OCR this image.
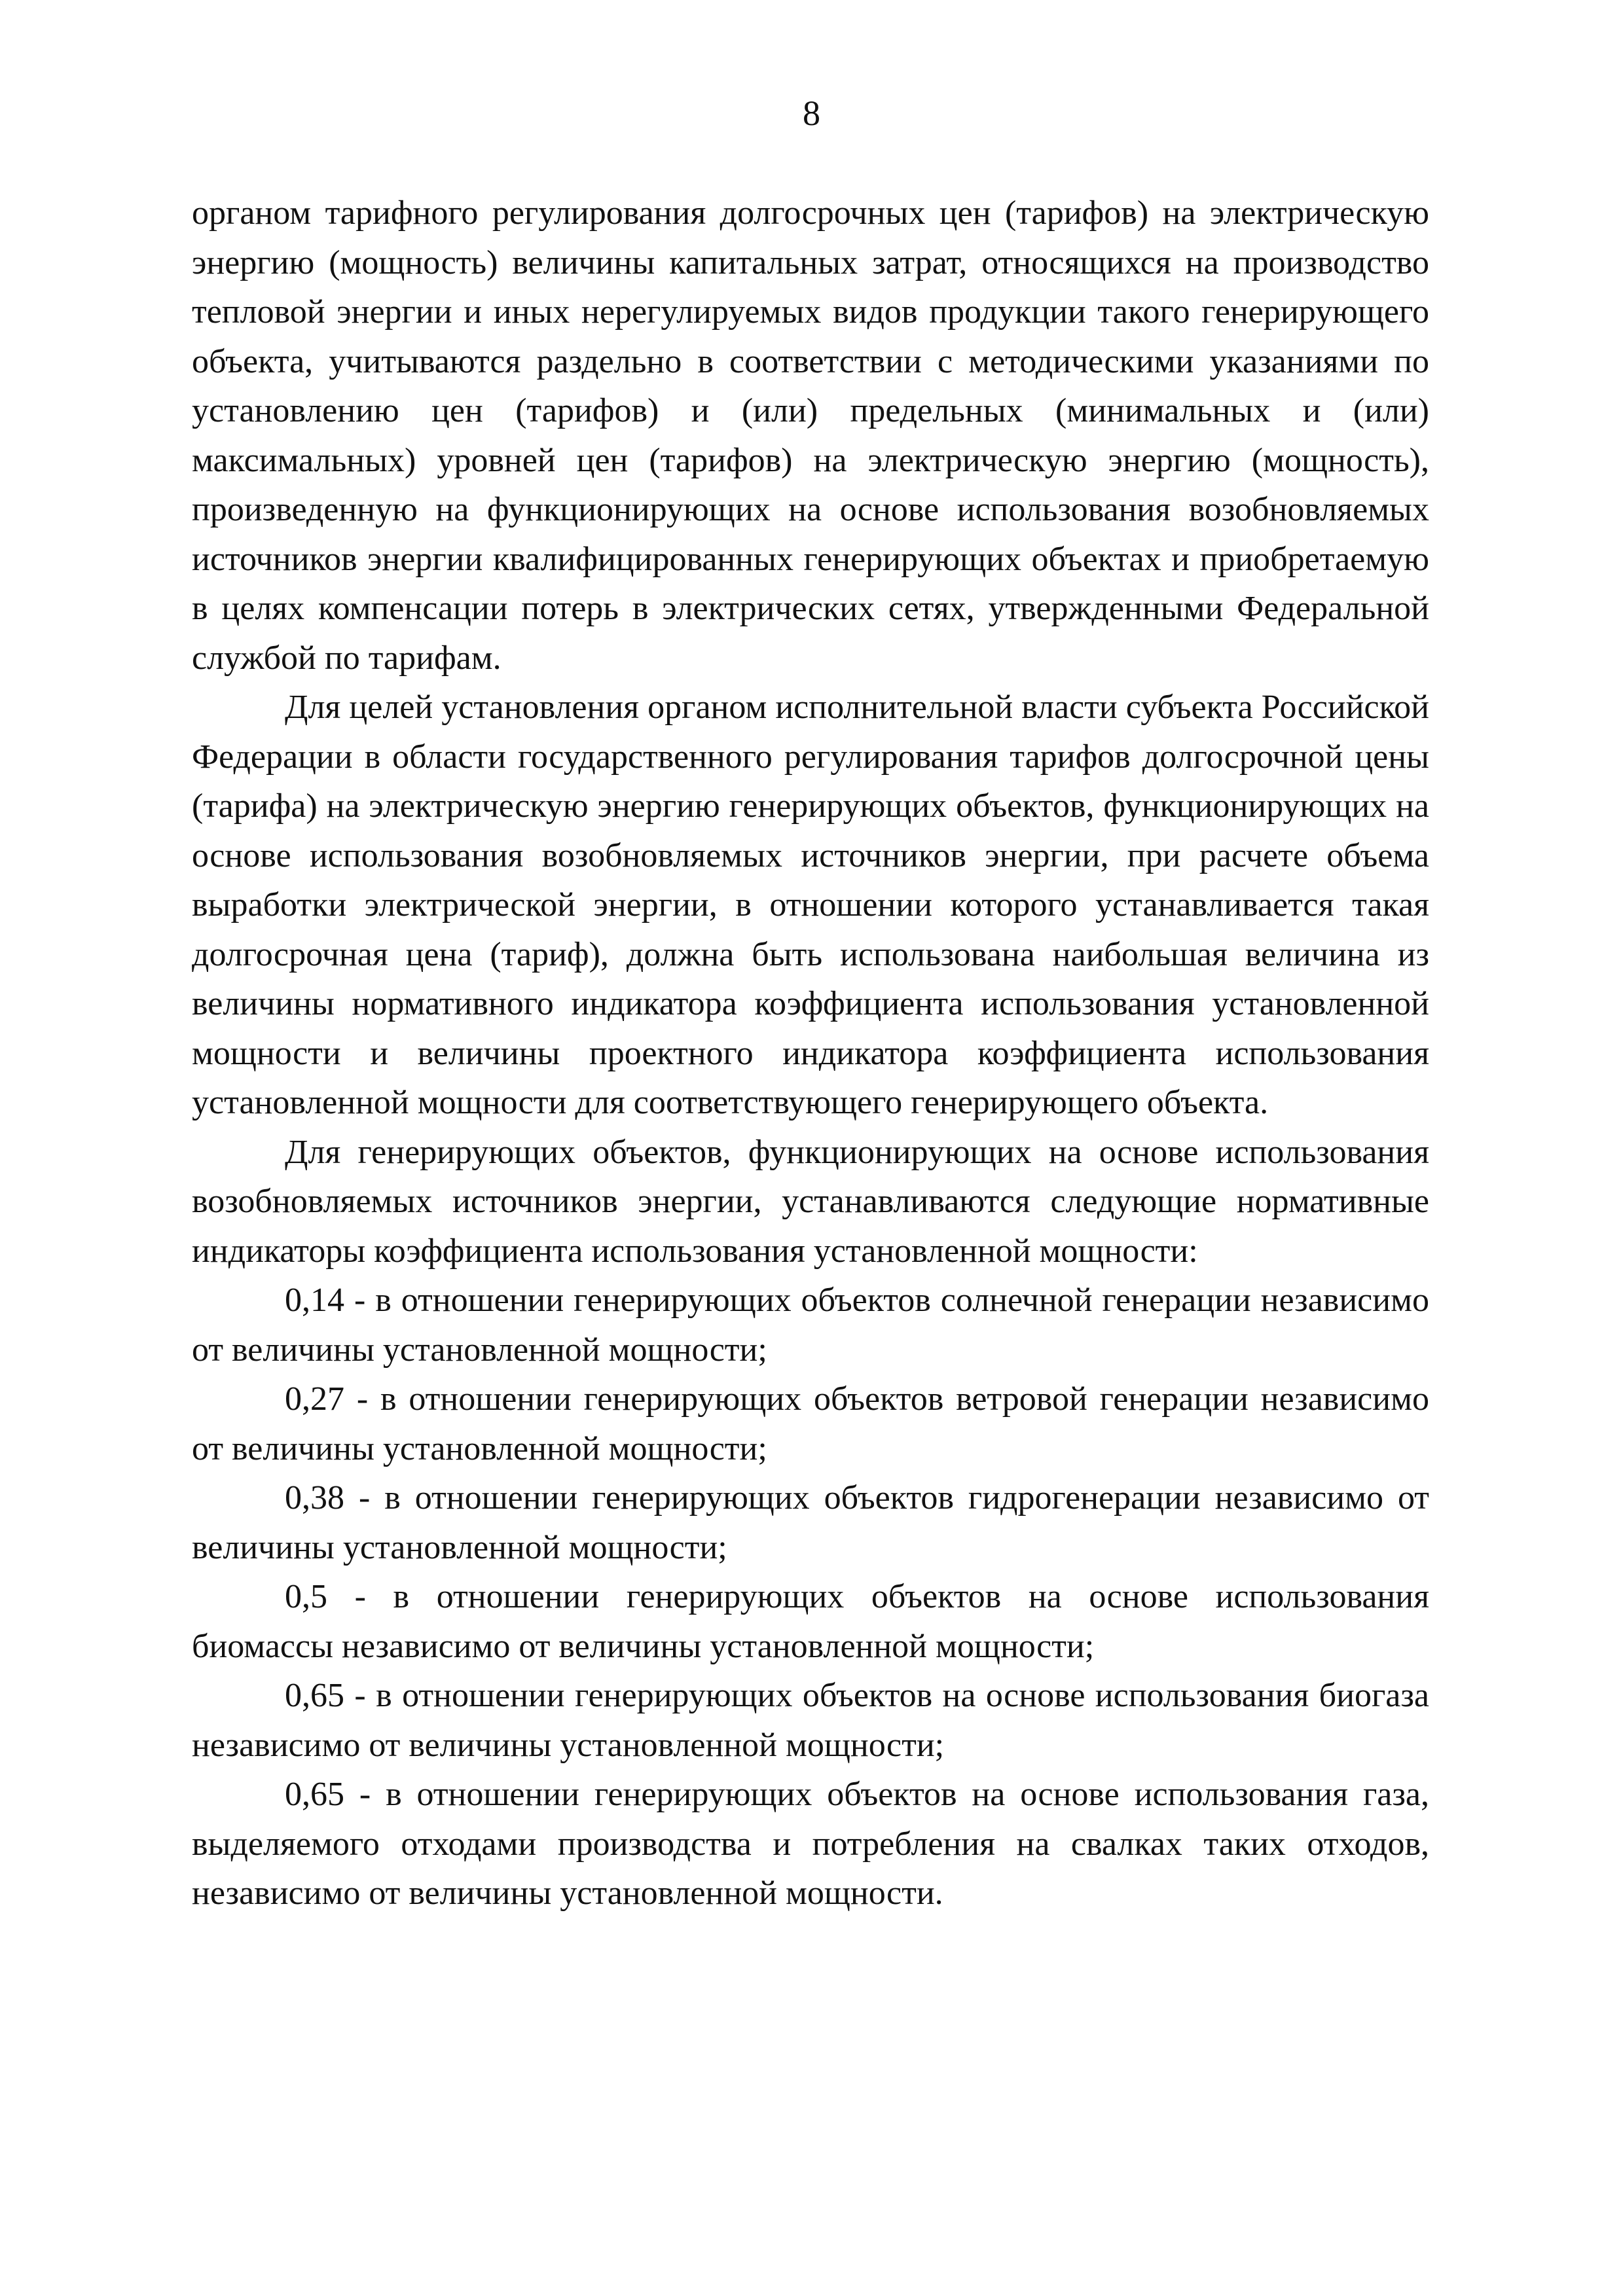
8

органом тарифного регулирования долгосрочных цен (тарифов) на электрическую энергию (мощность) величины капитальных затрат, относящихся на производство тепловой энергии и иных нерегулируемых видов продукции такого генерирующего объекта, учитываются раздельно в соответствии с методическими указаниями по установлению цен (тарифов) и (или) предельных (минимальных и (или) максимальных) уровней цен (тарифов) на электрическую энергию (мощность), произведенную на функционирующих на основе использования возобновляемых источников энергии квалифицированных генерирующих объектах и приобретаемую в целях компенсации потерь в электрических сетях, утвержденными Федеральной службой по тарифам.

Для целей установления органом исполнительной власти субъекта Российской Федерации в области государственного регулирования тарифов долгосрочной цены (тарифа) на электрическую энергию генерирующих объектов, функционирующих на основе использования возобновляемых источников энергии, при расчете объема выработки электрической энергии, в отношении которого устанавливается такая долгосрочная цена (тариф), должна быть использована наибольшая величина из величины нормативного индикатора коэффициента использования установленной мощности и величины проектного индикатора коэффициента использования установленной мощности для соответствующего генерирующего объекта.

Для генерирующих объектов, функционирующих на основе использования возобновляемых источников энергии, устанавливаются следующие нормативные индикаторы коэффициента использования установленной мощности:

0,14 - в отношении генерирующих объектов солнечной генерации независимо от величины установленной мощности;

0,27 - в отношении генерирующих объектов ветровой генерации независимо от величины установленной мощности;

0,38 - в отношении генерирующих объектов гидрогенерации независимо от величины установленной мощности;

0,5 - в отношении генерирующих объектов на основе использования биомассы независимо от величины установленной мощности;

0,65 - в отношении генерирующих объектов на основе использования биогаза независимо от величины установленной мощности;

0,65 - в отношении генерирующих объектов на основе использования газа, выделяемого отходами производства и потребления на свалках таких отходов, независимо от величины установленной мощности.
